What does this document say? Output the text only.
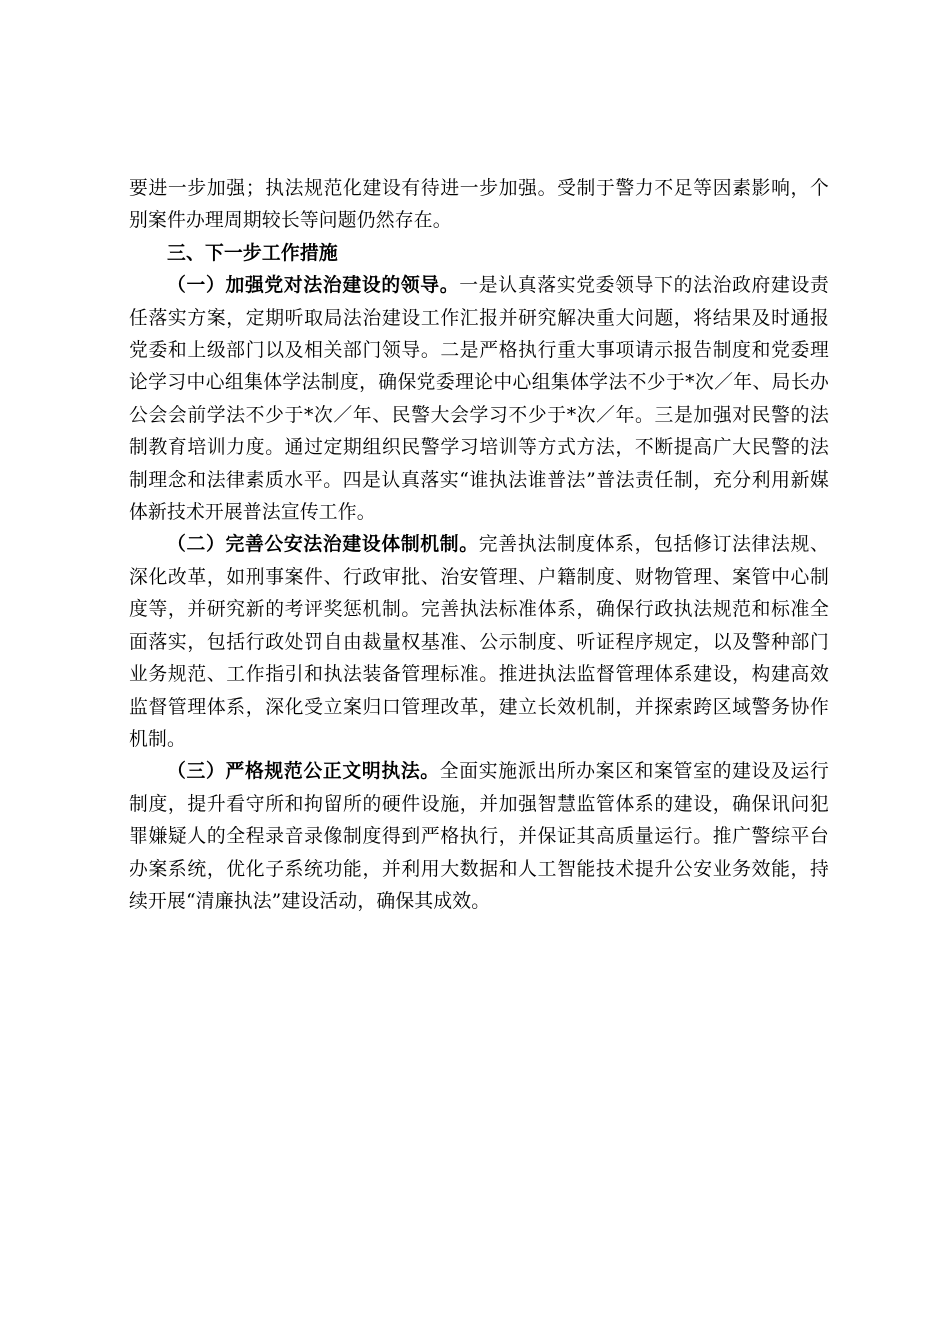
要进一步加强；执法规范化建设有待进一步加强。受制于警力不足等因素影响，个别案件办理周期较长等问题仍然存在。

三、下一步工作措施

（一）加强党对法治建设的领导。一是认真落实党委领导下的法治政府建设责任落实方案，定期听取局法治建设工作汇报并研究解决重大问题，将结果及时通报党委和上级部门以及相关部门领导。二是严格执行重大事项请示报告制度和党委理论学习中心组集体学法制度，确保党委理论中心组集体学法不少于*次／年、局长办公会会前学法不少于*次／年、民警大会学习不少于*次／年。三是加强对民警的法制教育培训力度。通过定期组织民警学习培训等方式方法，不断提高广大民警的法制理念和法律素质水平。四是认真落实“谁执法谁普法”普法责任制，充分利用新媒体新技术开展普法宣传工作。

（二）完善公安法治建设体制机制。完善执法制度体系，包括修订法律法规、深化改革，如刑事案件、行政审批、治安管理、户籍制度、财物管理、案管中心制度等，并研究新的考评奖惩机制。完善执法标准体系，确保行政执法规范和标准全面落实，包括行政处罚自由裁量权基准、公示制度、听证程序规定，以及警种部门业务规范、工作指引和执法装备管理标准。推进执法监督管理体系建设，构建高效监督管理体系，深化受立案归口管理改革，建立长效机制，并探索跨区域警务协作机制。

（三）严格规范公正文明执法。全面实施派出所办案区和案管室的建设及运行制度，提升看守所和拘留所的硬件设施，并加强智慧监管体系的建设，确保讯问犯罪嫌疑人的全程录音录像制度得到严格执行，并保证其高质量运行。推广警综平台办案系统，优化子系统功能，并利用大数据和人工智能技术提升公安业务效能，持续开展“清廉执法”建设活动，确保其成效。
